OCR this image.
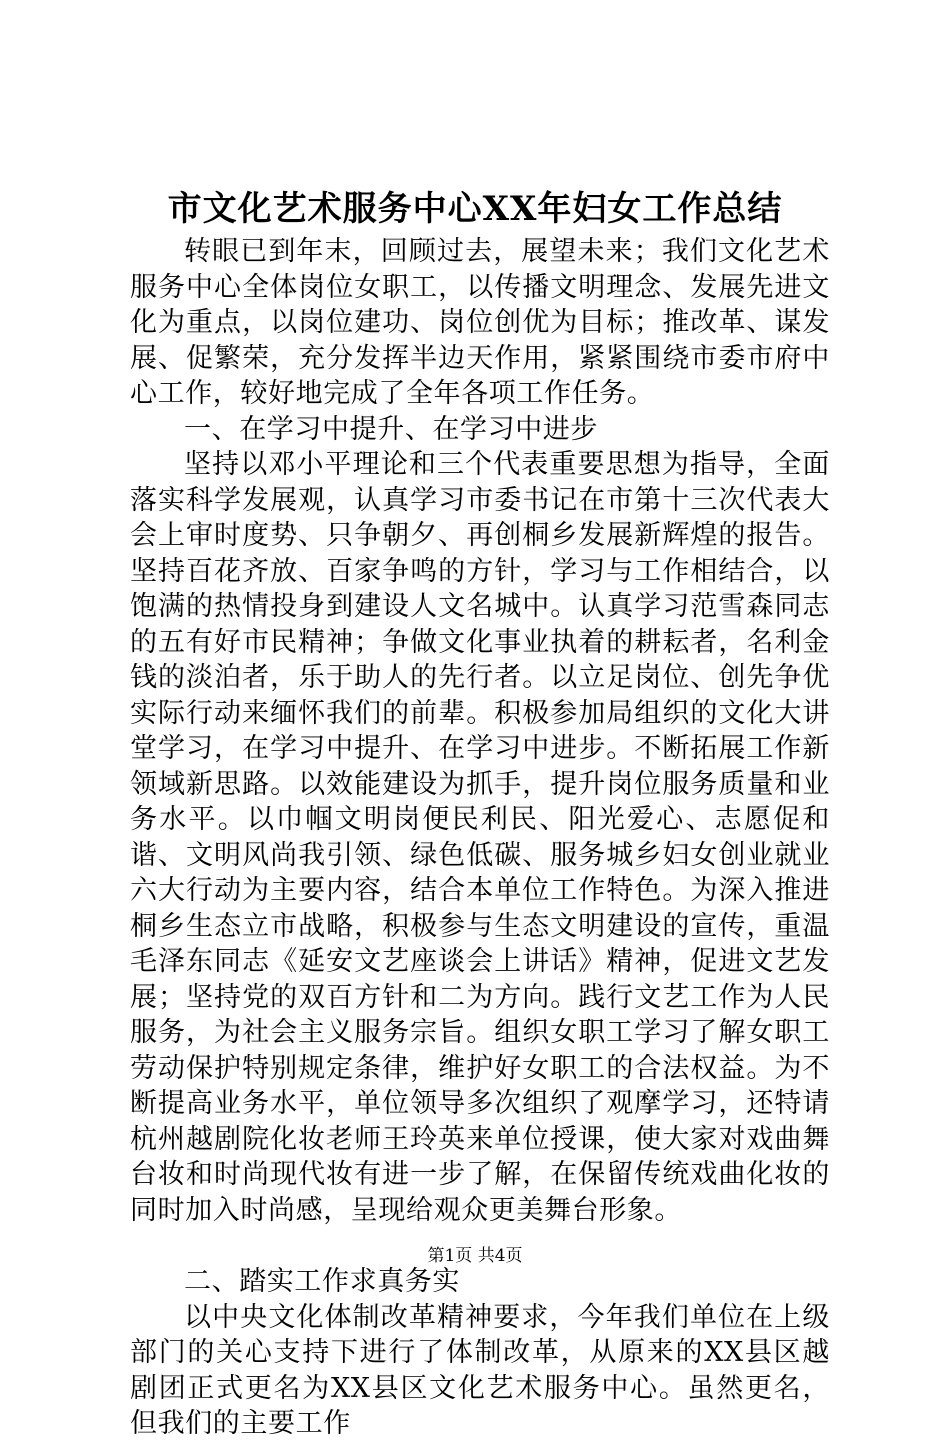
市文化艺术服务中心XX年妇女工作总结

转眼已到年末，回顾过去，展望未来；我们文化艺术服务中心全体岗位女职工，以传播文明理念、发展先进文化为重点，以岗位建功、岗位创优为目标；推改革、谋发展、促繁荣，充分发挥半边天作用，紧紧围绕市委市府中心工作，较好地完成了全年各项工作任务。

一、在学习中提升、在学习中进步

坚持以邓小平理论和三个代表重要思想为指导，全面落实科学发展观，认真学习市委书记在市第十三次代表大会上审时度势、只争朝夕、再创桐乡发展新辉煌的报告。坚持百花齐放、百家争鸣的方针，学习与工作相结合，以饱满的热情投身到建设人文名城中。认真学习范雪森同志的五有好市民精神；争做文化事业执着的耕耘者，名利金钱的淡泊者，乐于助人的先行者。以立足岗位、创先争优实际行动来缅怀我们的前辈。积极参加局组织的文化大讲堂学习，在学习中提升、在学习中进步。不断拓展工作新领域新思路。以效能建设为抓手，提升岗位服务质量和业务水平。以巾帼文明岗便民利民、阳光爱心、志愿促和谐、文明风尚我引领、绿色低碳、服务城乡妇女创业就业六大行动为主要内容，结合本单位工作特色。为深入推进桐乡生态立市战略，积极参与生态文明建设的宣传，重温毛泽东同志《延安文艺座谈会上讲话》精神，促进文艺发展；坚持党的双百方针和二为方向。践行文艺工作为人民服务，为社会主义服务宗旨。组织女职工学习了解女职工劳动保护特别规定条律，维护好女职工的合法权益。为不断提高业务水平，单位领导多次组织了观摩学习，还特请杭州越剧院化妆老师王玲英来单位授课，使大家对戏曲舞台妆和时尚现代妆有进一步了解，在保留传统戏曲化妆的同时加入时尚感，呈现给观众更美舞台形象。

二、踏实工作求真务实

以中央文化体制改革精神要求，今年我们单位在上级部门的关心支持下进行了体制改革，从原来的XX县区越剧团正式更名为XX县区文化艺术服务中心。虽然更名，但我们的主要工作

第1页 共4页
